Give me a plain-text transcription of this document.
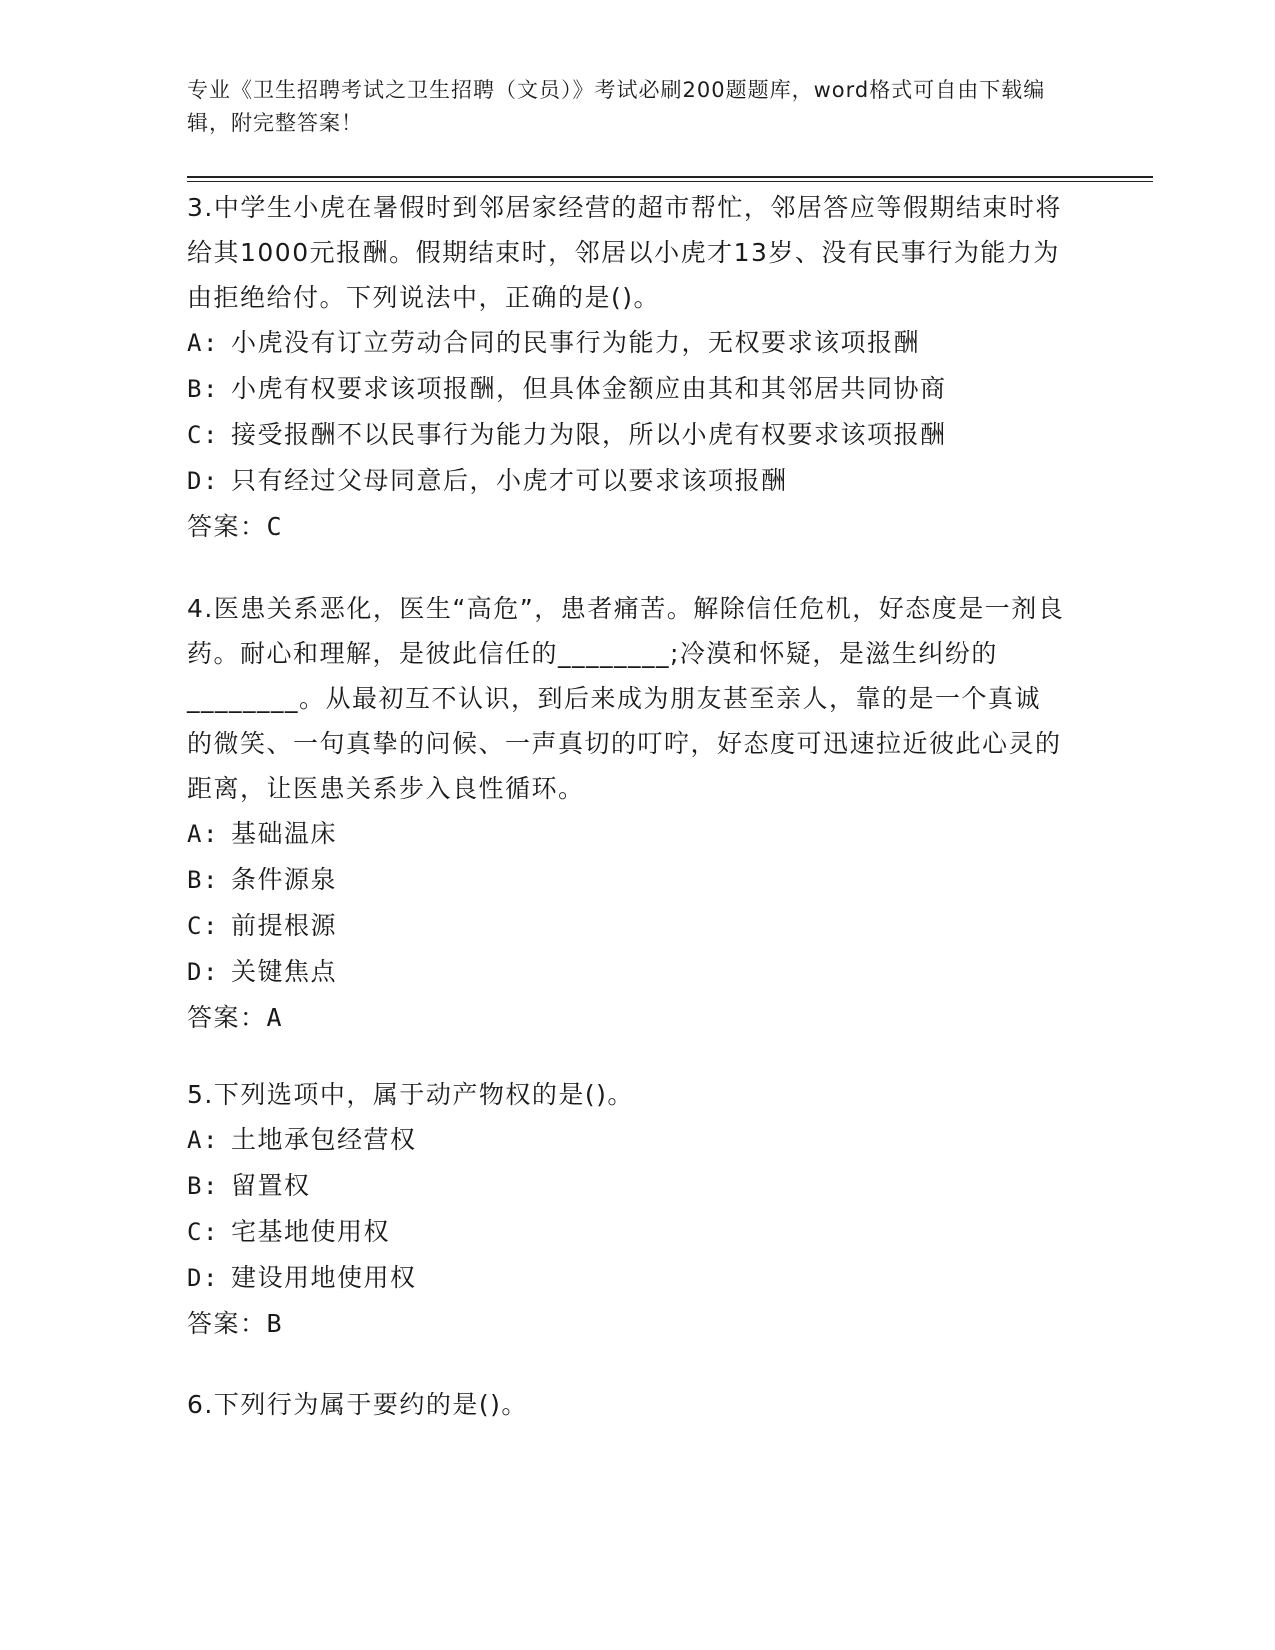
专业《卫生招聘考试之卫生招聘（文员）》考试必刷200题题库，word格式可自由下载编辑，附完整答案！

3.中学生小虎在暑假时到邻居家经营的超市帮忙，邻居答应等假期结束时将给其1000元报酬。假期结束时，邻居以小虎才13岁、没有民事行为能力为由拒绝给付。下列说法中，正确的是()。

A: 小虎没有订立劳动合同的民事行为能力，无权要求该项报酬

B: 小虎有权要求该项报酬，但具体金额应由其和其邻居共同协商

C: 接受报酬不以民事行为能力为限，所以小虎有权要求该项报酬

D: 只有经过父母同意后，小虎才可以要求该项报酬

答案：C

4.医患关系恶化，医生“高危”，患者痛苦。解除信任危机，好态度是一剂良药。耐心和理解，是彼此信任的________;冷漠和怀疑，是滋生纠纷的________。从最初互不认识，到后来成为朋友甚至亲人，靠的是一个真诚的微笑、一句真挚的问候、一声真切的叮咛，好态度可迅速拉近彼此心灵的距离，让医患关系步入良性循环。

A: 基础温床

B: 条件源泉

C: 前提根源

D: 关键焦点

答案：A

5.下列选项中，属于动产物权的是()。

A: 土地承包经营权

B: 留置权

C: 宅基地使用权

D: 建设用地使用权

答案：B

6.下列行为属于要约的是()。
